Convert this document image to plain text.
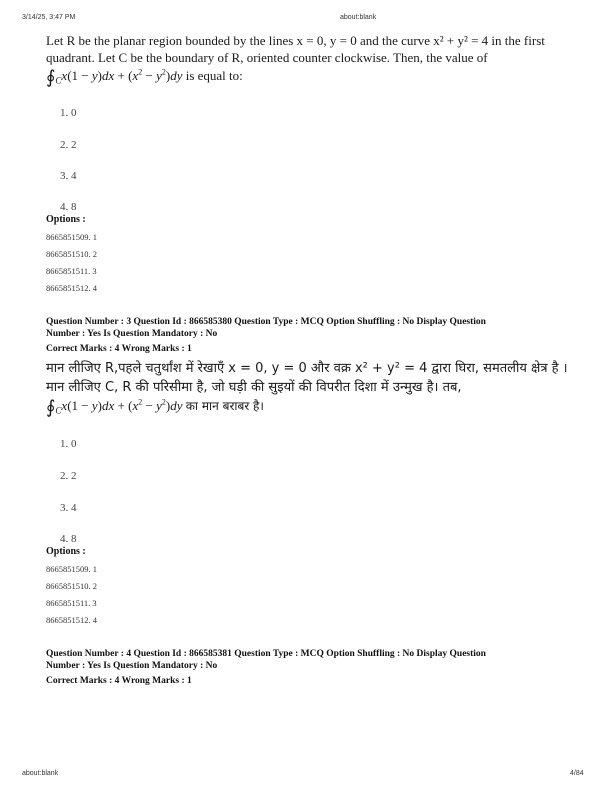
3/14/25, 3:47 PM	about:blank
Let R be the planar region bounded by the lines x = 0, y = 0 and the curve x² + y² = 4 in the first
quadrant. Let C be the boundary of R, oriented counter clockwise. Then, the value of
$∮_Cx(1 - y)dx + (x^2 - y^2)dy$ is equal to:
1. 0
2. 2
3. 4
4. 8
Options :
8665851509. 1
8665851510. 2
8665851511. 3
8665851512. 4
Question Number : 3 Question Id : 866585380 Question Type : MCQ Option Shuffling : No Display Question
Number : Yes Is Question Mandatory : No
Correct Marks : 4 Wrong Marks : 1
मान लीजिए R,पहले चतुर्थांश में रेखाएँ x = 0, y = 0 और वक्र x² + y² = 4 द्वारा घिरा, समतलीय क्षेत्र है ।
मान लीजिए C, R की परिसीमा है, जो घड़ी की सुइयों की विपरीत दिशा में उन्मुख है। तब,
$∮_Cx(1 - y)dx + (x^2 - y^2)dy$ का मान बराबर है।
1. 0
2. 2
3. 4
4. 8
Options :
8665851509. 1
8665851510. 2
8665851511. 3
8665851512. 4
Question Number : 4 Question Id : 866585381 Question Type : MCQ Option Shuffling : No Display Question
Number : Yes Is Question Mandatory : No
Correct Marks : 4 Wrong Marks : 1
about:blank	4/84
